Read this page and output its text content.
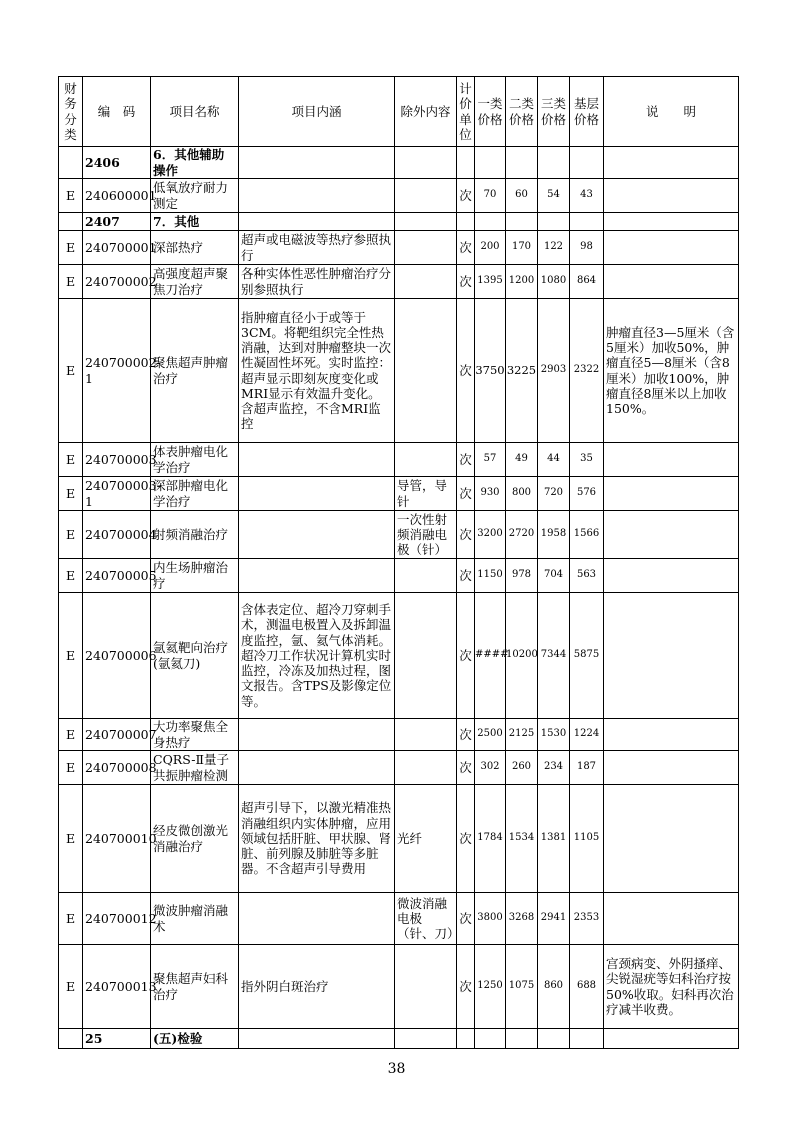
财务分类	编　码	项目名称	项目内涵	除外内容	计价单位	一类价格	二类价格	三类价格	基层价格	说　　明
	2406	6．其他辅助操作								
E	240600001	低氧放疗耐力测定			次	70	60	54	43	
	2407	7．其他								
E	240700001	深部热疗	超声或电磁波等热疗参照执行		次	200	170	122	98	
E	240700002	高强度超声聚焦刀治疗	各种实体性恶性肿瘤治疗分别参照执行		次	1395	1200	1080	864	
E	240700002-1	聚焦超声肿瘤治疗	指肿瘤直径小于或等于3CM。将靶组织完全性热消融，达到对肿瘤整块一次性凝固性坏死。实时监控：超声显示即刻灰度变化或MRI显示有效温升变化。含超声监控，不含MRI监控		次	3750	3225	2903	2322	肿瘤直径3—5厘米（含5厘米）加收50%，肿瘤直径5—8厘米（含8厘米）加收100%，肿瘤直径8厘米以上加收150%。
E	240700003	体表肿瘤电化学治疗			次	57	49	44	35	
E	240700003-1	深部肿瘤电化学治疗		导管，导针	次	930	800	720	576	
E	240700004	射频消融治疗		一次性射频消融电极（针）	次	3200	2720	1958	1566	
E	240700005	内生场肿瘤治疗			次	1150	978	704	563	
E	240700006	氩氦靶向治疗(氩氦刀)	含体表定位、超冷刀穿刺手术，测温电极置入及拆卸温度监控，氩、氦气体消耗。超冷刀工作状况计算机实时监控，冷冻及加热过程，图文报告。含TPS及影像定位等。		次	####	10200	7344	5875	
E	240700007	大功率聚焦全身热疗			次	2500	2125	1530	1224	
E	240700008	CQRS-Ⅱ量子共振肿瘤检测			次	302	260	234	187	
E	240700010	经皮微创激光消融治疗	超声引导下，以激光精准热消融组织内实体肿瘤，应用领域包括肝脏、甲状腺、肾脏、前列腺及肺脏等多脏器。不含超声引导费用	光纤	次	1784	1534	1381	1105	
E	240700012	微波肿瘤消融术		微波消融电极（针、刀）	次	3800	3268	2941	2353	
E	240700013	聚焦超声妇科治疗	指外阴白斑治疗		次	1250	1075	860	688	宫颈病变、外阴搔痒、尖锐湿疣等妇科治疗按50%收取。妇科再次治疗减半收费。
	25	(五)检验								
38
